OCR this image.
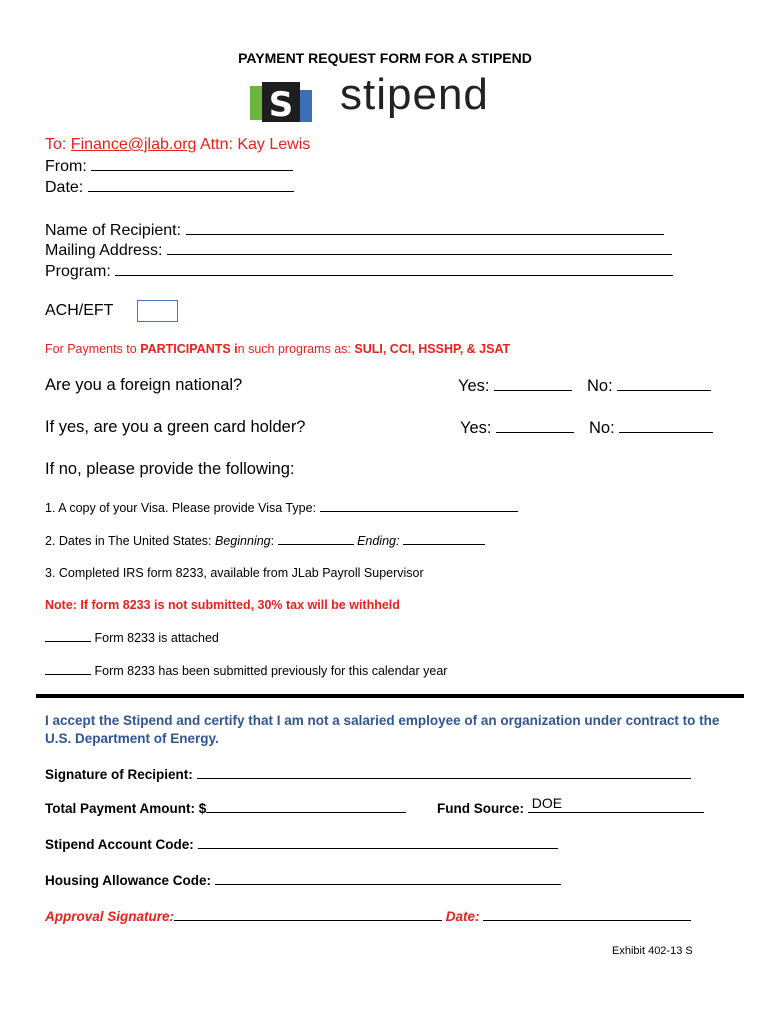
PAYMENT REQUEST FORM FOR A STIPEND
S stipend
To: Finance@jlab.org Attn: Kay Lewis
From:
Date:
Name of Recipient:
Mailing Address:
Program:
ACH/EFT
For Payments to PARTICIPANTS in such programs as: SULI, CCI, HSSHP, & JSAT
Are you a foreign national?	Yes:	No:
If yes, are you a green card holder?	Yes:	No:
If no, please provide the following:
1. A copy of your Visa. Please provide Visa Type:
2. Dates in The United States: Beginning:	Ending:
3. Completed IRS form 8233, available from JLab Payroll Supervisor
Note: If form 8233 is not submitted, 30% tax will be withheld
Form 8233 is attached
Form 8233 has been submitted previously for this calendar year
I accept the Stipend and certify that I am not a salaried employee of an organization under contract to the U.S. Department of Energy.
Signature of Recipient:
Total Payment Amount: $	Fund Source: DOE
Stipend Account Code:
Housing Allowance Code:
Approval Signature:	Date:
Exhibit 402-13 S
